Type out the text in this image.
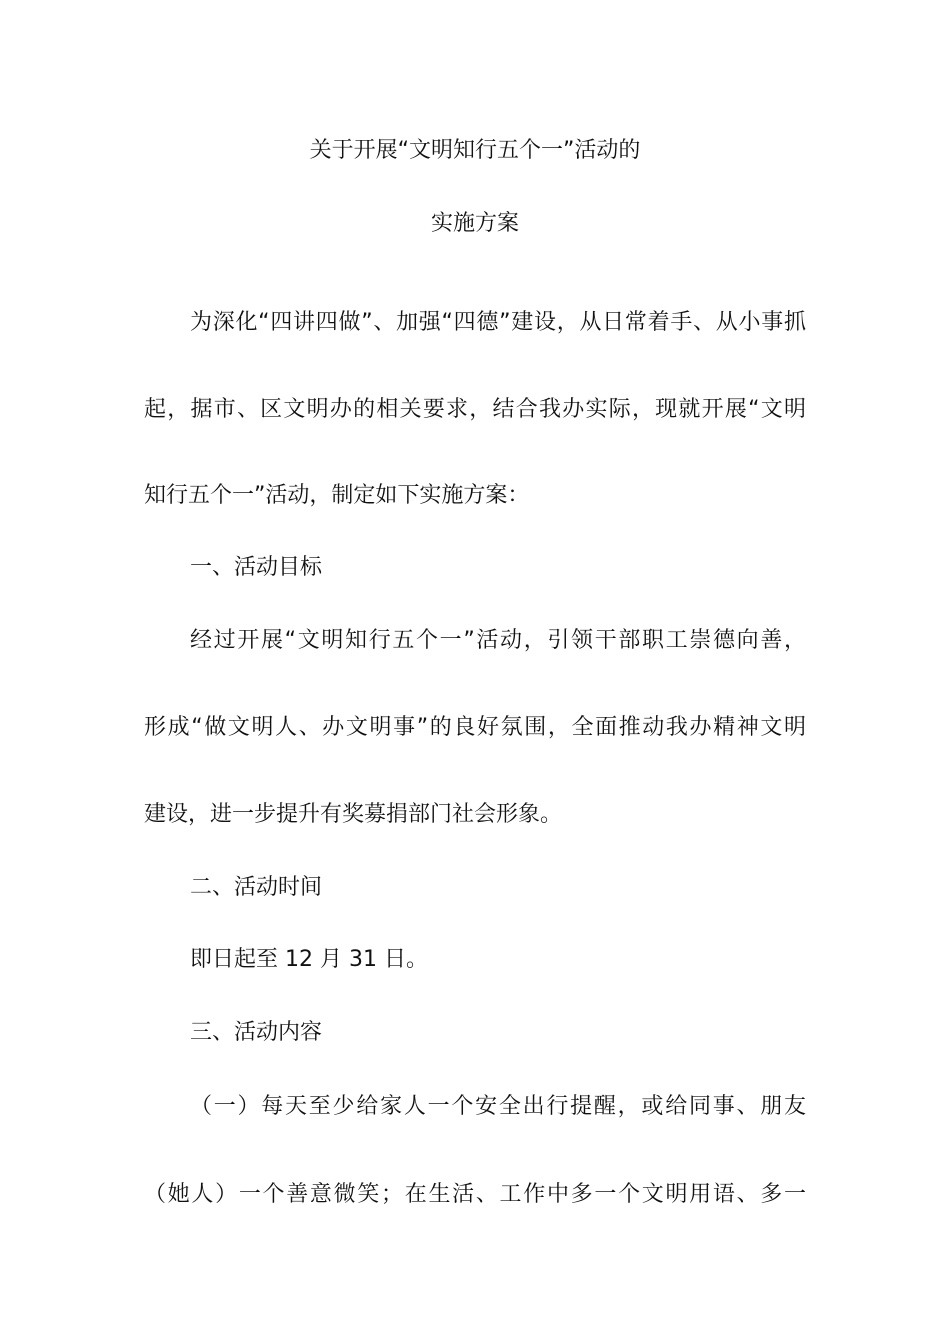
关于开展“文明知行五个一”活动的
实施方案
为深化“四讲四做”、加强“四德”建设，从日常着手、从小事抓
起，据市、区文明办的相关要求，结合我办实际，现就开展“文明
知行五个一”活动，制定如下实施方案：
一、活动目标
经过开展“文明知行五个一”活动，引领干部职工崇德向善，
形成“做文明人、办文明事”的良好氛围，全面推动我办精神文明
建设，进一步提升有奖募捐部门社会形象。
二、活动时间
即日起至 12 月 31 日。
三、活动内容
（一）每天至少给家人一个安全出行提醒，或给同事、朋友
（她人）一个善意微笑；在生活、工作中多一个文明用语、多一
